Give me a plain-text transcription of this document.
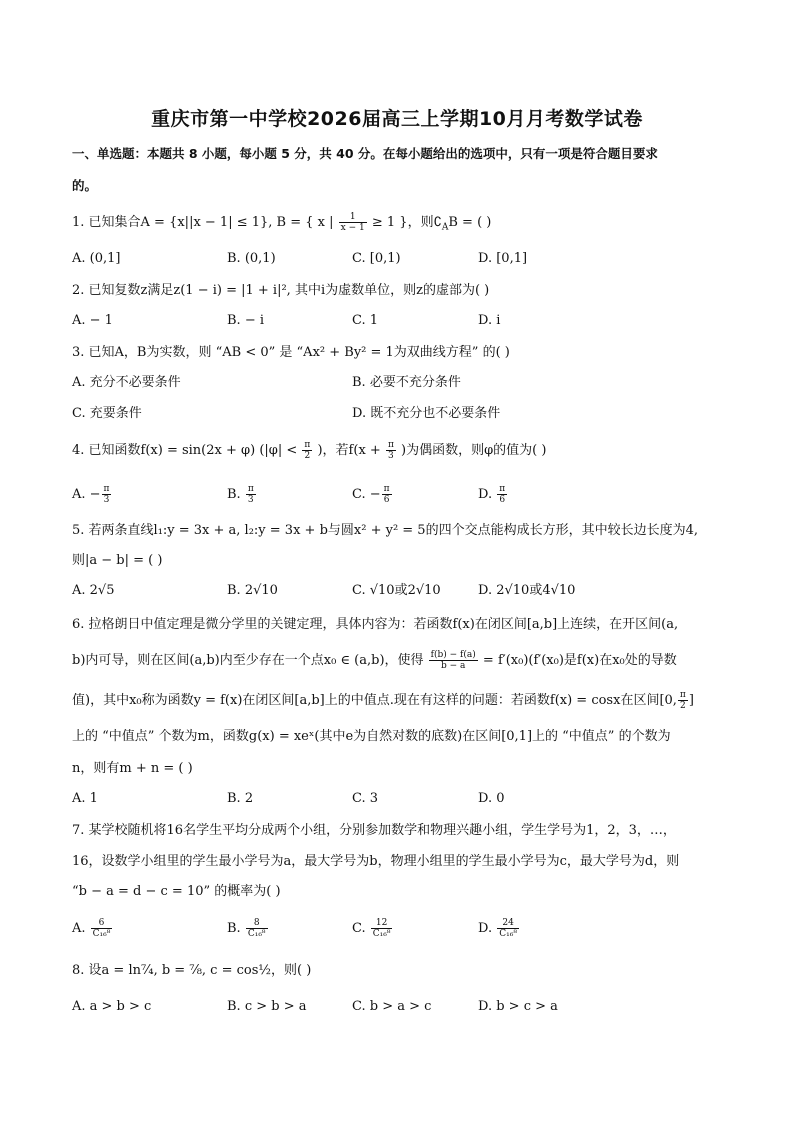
重庆市第一中学校2026届高三上学期10月月考数学试卷
一、单选题：本题共 8 小题，每小题 5 分，共 40 分。在每小题给出的选项中，只有一项是符合题目要求
的。
1. 已知集合A = {x||x − 1| ≤ 1}, B = { x | $\frac{1}{x - 1} \ge 1$ }，则$∁_AB$ = ( )
A. (0,1]	B. (0,1)	C. [0,1)	D. [0,1]
2. 已知复数z满足z(1 − i) = |1 + i|², 其中i为虚数单位，则z的虚部为( )
A. − 1	B. − i	C. 1	D. i
3. 已知A，B为实数，则 “AB < 0” 是 “Ax² + By² = 1为双曲线方程” 的( )
A. 充分不必要条件	B. 必要不充分条件
C. 充要条件	D. 既不充分也不必要条件
4. 已知函数f(x) = sin(2x + φ) ($|\varphi| < \frac{\pi}{2}$ )，若$f(x + \frac{\pi}{3}$ )为偶函数，则φ的值为( )
A. − $\frac{\pi}{3}$	B. $\frac{\pi}{3}$	C. − $\frac{\pi}{6}$	D. $\frac{\pi}{6}$
5. 若两条直线l₁:y = 3x + a, l₂:y = 3x + b与圆x² + y² = 5的四个交点能构成长方形，其中较长边长度为4,
则|a − b| = ( )
A. 2√5	B. 2√10	C. √10或2√10	D. 2√10或4√10
6. 拉格朗日中值定理是微分学里的关键定理，具体内容为：若函数f(x)在闭区间[a,b]上连续，在开区间(a,
b)内可导，则在区间(a,b)内至少存在一个点x₀ ∈ (a,b)，使得 $\frac{f(b) - f(a)}{b - a} = f'(x_0)(f'(x_0)$是f(x)在x₀处的导数
值)，其中x₀称为函数y = f(x)在闭区间[a,b]上的中值点.现在有这样的问题：若函数f(x) = cosx在区间[0, $\frac{\pi}{2}$ ]
上的 “中值点” 个数为m，函数g(x) = xeˣ(其中e为自然对数的底数)在区间[0,1]上的 “中值点” 的个数为
n，则有m + n = ( )
A. 1	B. 2	C. 3	D. 0
7. 某学校随机将16名学生平均分成两个小组，分别参加数学和物理兴趣小组，学生学号为1，2，3，…，
16，设数学小组里的学生最小学号为a，最大学号为b，物理小组里的学生最小学号为c，最大学号为d，则
“b − a = d − c = 10” 的概率为( )
A. $\frac{6}{\text{C₁₆⁸}}$	B. $\frac{8}{\text{C₁₆⁸}}$	C. $\frac{12}{\text{C₁₆⁸}}$	D. $\frac{24}{\text{C₁₆⁸}}$
8. 设a = ln⁷⁄₄, b = ⁷⁄₈, c = cos½，则( )
A. a > b > c	B. c > b > a	C. b > a > c	D. b > c > a
